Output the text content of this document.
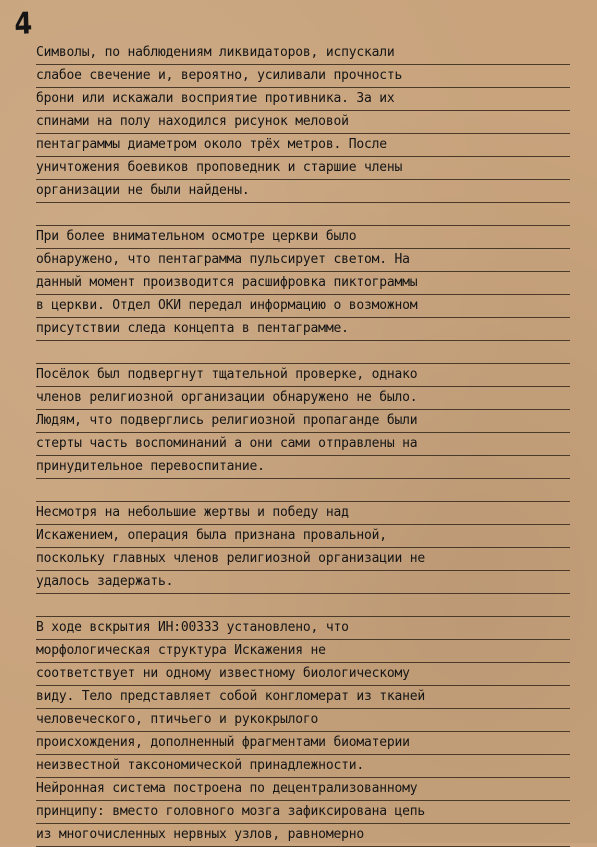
4
Символы, по наблюдениям ликвидаторов, испускали
слабое свечение и, вероятно, усиливали прочность
брони или искажали восприятие противника. За их
спинами на полу находился рисунок меловой
пентаграммы диаметром около трёх метров. После
уничтожения боевиков проповедник и старшие члены
организации не были найдены.
При более внимательном осмотре церкви было
обнаружено, что пентаграмма пульсирует светом. На
данный момент производится расшифровка пиктограммы
в церкви. Отдел ОКИ передал информацию о возможном
присутствии следа концепта в пентаграмме.
Посёлок был подвергнут тщательной проверке, однако
членов религиозной организации обнаружено не было.
Людям, что подверглись религиозной пропаганде были
стерты часть воспоминаний а они сами отправлены на
принудительное перевоспитание.
Несмотря на небольшие жертвы и победу над
Искажением, операция была признана провальной,
поскольку главных членов религиозной организации не
удалось задержать.
В ходе вскрытия ИН:00333 установлено, что
морфологическая структура Искажения не
соответствует ни одному известному биологическому
виду. Тело представляет собой конгломерат из тканей
человеческого, птичьего и рукокрылого
происхождения, дополненный фрагментами биоматерии
неизвестной таксономической принадлежности.
Нейронная система построена по децентрализованному
принципу: вместо головного мозга зафиксирована цепь
из многочисленных нервных узлов, равномерно
